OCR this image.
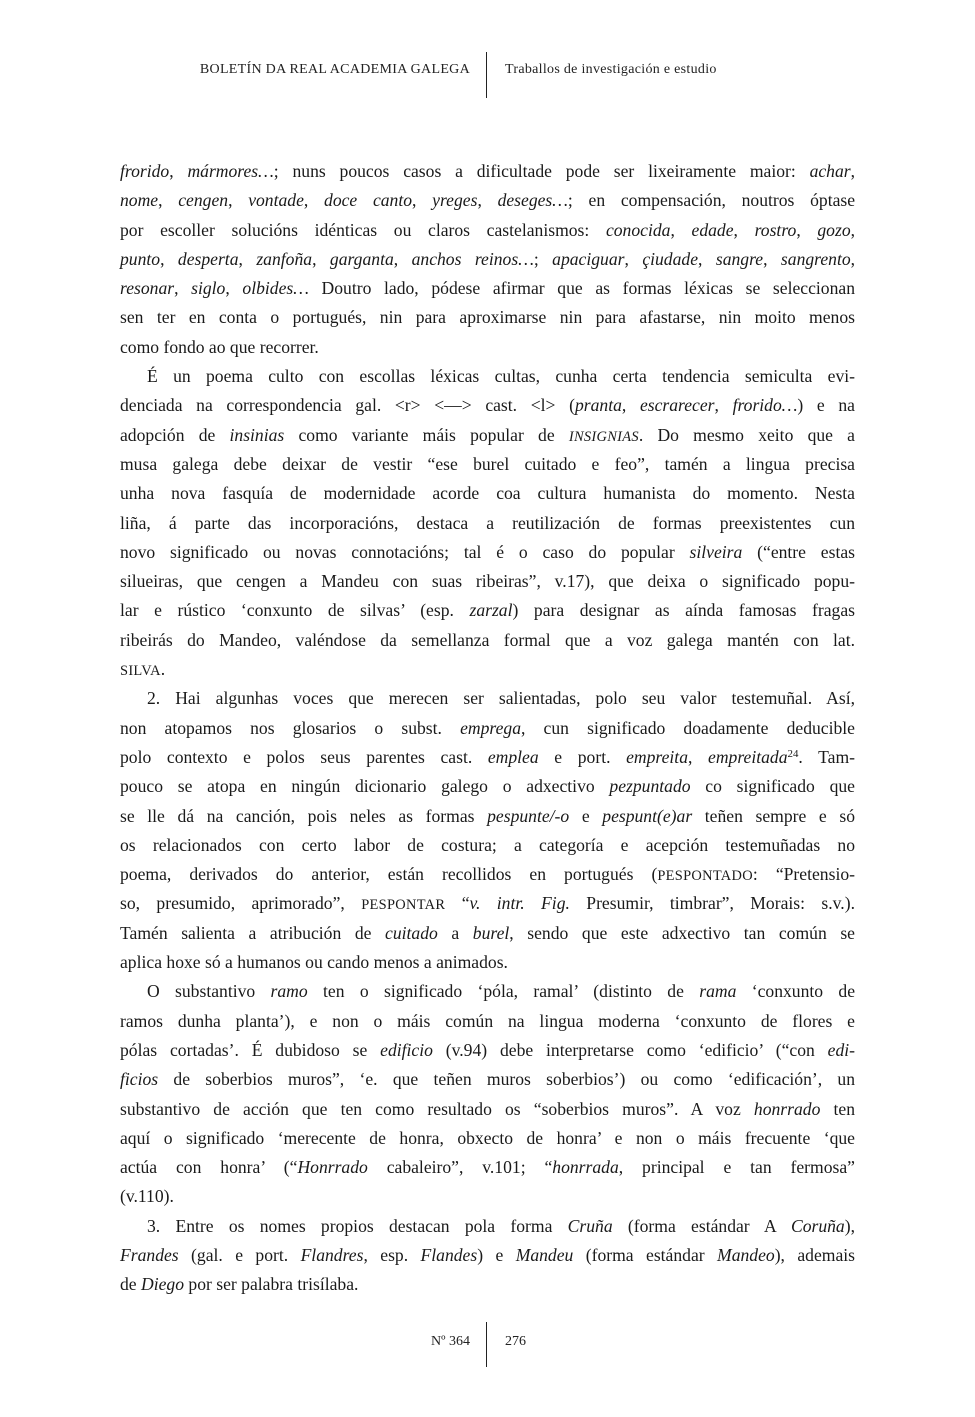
BOLETÍN DA REAL ACADEMIA GALEGA	Traballos de investigación e estudio
frorido, mármores…; nuns poucos casos a dificultade pode ser lixeiramente maior: achar,
nome, cengen, vontade, doce canto, yreges, deseges…; en compensación, noutros óptase
por escoller solucións idénticas ou claros castelanismos: conocida, edade, rostro, gozo,
punto, desperta, zanfoña, garganta, anchos reinos…; apaciguar, çiudade, sangre, sangrento,
resonar, siglo, olbides… Doutro lado, pódese afirmar que as formas léxicas se seleccionan
sen ter en conta o portugués, nin para aproximarse nin para afastarse, nin moito menos
como fondo ao que recorrer.
É un poema culto con escollas léxicas cultas, cunha certa tendencia semiculta evi-
denciada na correspondencia gal. <r> <—> cast. <l> (pranta, escrarecer, frorido…) e na
adopción de insinias como variante máis popular de INSIGNIAS. Do mesmo xeito que a
musa galega debe deixar de vestir “ese burel cuitado e feo”, tamén a lingua precisa
unha nova fasquía de modernidade acorde coa cultura humanista do momento. Nesta
liña, á parte das incorporacións, destaca a reutilización de formas preexistentes cun
novo significado ou novas connotacións; tal é o caso do popular silveira (“entre estas
silueiras, que cengen a Mandeu con suas ribeiras”, v.17), que deixa o significado popu-
lar e rústico ‘conxunto de silvas’ (esp. zarzal) para designar as aínda famosas fragas
ribeirás do Mandeo, valéndose da semellanza formal que a voz galega mantén con lat.
SILVA.
2. Hai algunhas voces que merecen ser salientadas, polo seu valor testemuñal. Así,
non atopamos nos glosarios o subst. emprega, cun significado doadamente deducible
polo contexto e polos seus parentes cast. emplea e port. empreita, empreitada$^{24}$. Tam-
pouco se atopa en ningún dicionario galego o adxectivo pezpuntado co significado que
se lle dá na canción, pois neles as formas pespunte/-o e pespunt(e)ar teñen sempre e só
os relacionados con certo labor de costura; a categoría e acepción testemuñadas no
poema, derivados do anterior, están recollidos en portugués (PESPONTADO: “Pretensio-
so, presumido, aprimorado”, PESPONTAR “v. intr. Fig. Presumir, timbrar”, Morais: s.v.).
Tamén salienta a atribución de cuitado a burel, sendo que este adxectivo tan común se
aplica hoxe só a humanos ou cando menos a animados.
O substantivo ramo ten o significado ‘póla, ramal’ (distinto de rama ‘conxunto de
ramos dunha planta’), e non o máis común na lingua moderna ‘conxunto de flores e
pólas cortadas’. É dubidoso se edificio (v.94) debe interpretarse como ‘edificio’ (“con edi-
ficios de soberbios muros”, ‘e. que teñen muros soberbios’) ou como ‘edificación’, un
substantivo de acción que ten como resultado os “soberbios muros”. A voz honrrado ten
aquí o significado ‘merecente de honra, obxecto de honra’ e non o máis frecuente ‘que
actúa con honra’ (“Honrrado cabaleiro”, v.101; “honrrada, principal e tan fermosa”
(v.110).
3. Entre os nomes propios destacan pola forma Cruña (forma estándar A Coruña),
Frandes (gal. e port. Flandres, esp. Flandes) e Mandeu (forma estándar Mandeo), ademais
de Diego por ser palabra trisílaba.
Nº 364	276
